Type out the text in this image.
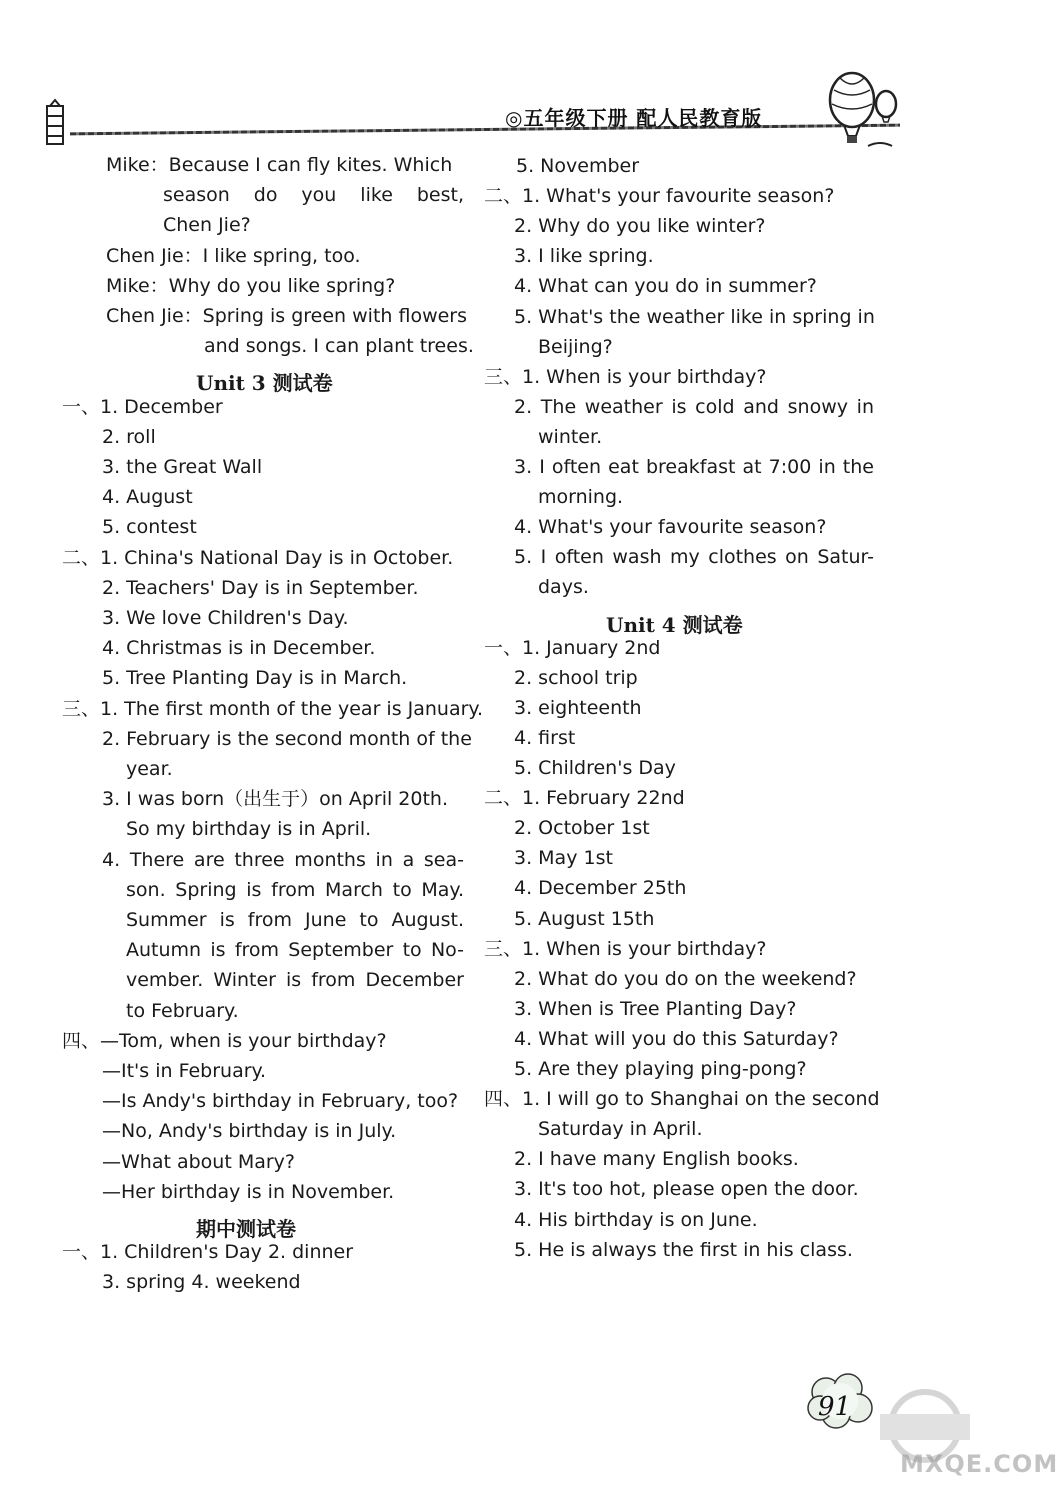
◎五年级下册 配人民教育版
Mike：Because I can fly kites. Which
season do you like best,
Chen Jie?
Chen Jie：I like spring, too.
Mike：Why do you like spring?
Chen Jie：Spring is green with flowers
and songs. I can plant trees.
Unit 3 测试卷
一、1. December
2. roll
3. the Great Wall
4. August
5. contest
二、1. China's National Day is in October.
2. Teachers' Day is in September.
3. We love Children's Day.
4. Christmas is in December.
5. Tree Planting Day is in March.
三、1. The first month of the year is January.
2. February is the second month of the
year.
3. I was born（出生于）on April 20th.
So my birthday is in April.
4. There are three months in a sea-
son. Spring is from March to May.
Summer is from June to August.
Autumn is from September to No-
vember. Winter is from December
to February.
四、—Tom, when is your birthday?
—It's in February.
—Is Andy's birthday in February, too?
—No, Andy's birthday is in July.
—What about Mary?
—Her birthday is in November.
期中测试卷
一、1. Children's Day 2. dinner
3. spring 4. weekend
5. November
二、1. What's your favourite season?
2. Why do you like winter?
3. I like spring.
4. What can you do in summer?
5. What's the weather like in spring in
Beijing?
三、1. When is your birthday?
2. The weather is cold and snowy in
winter.
3. I often eat breakfast at 7:00 in the
morning.
4. What's your favourite season?
5. I often wash my clothes on Satur-
days.
Unit 4 测试卷
一、1. January 2nd
2. school trip
3. eighteenth
4. first
5. Children's Day
二、1. February 22nd
2. October 1st
3. May 1st
4. December 25th
5. August 15th
三、1. When is your birthday?
2. What do you do on the weekend?
3. When is Tree Planting Day?
4. What will you do this Saturday?
5. Are they playing ping-pong?
四、1. I will go to Shanghai on the second
Saturday in April.
2. I have many English books.
3. It's too hot, please open the door.
4. His birthday is on June.
5. He is always the first in his class.
91
MXQE.COM
